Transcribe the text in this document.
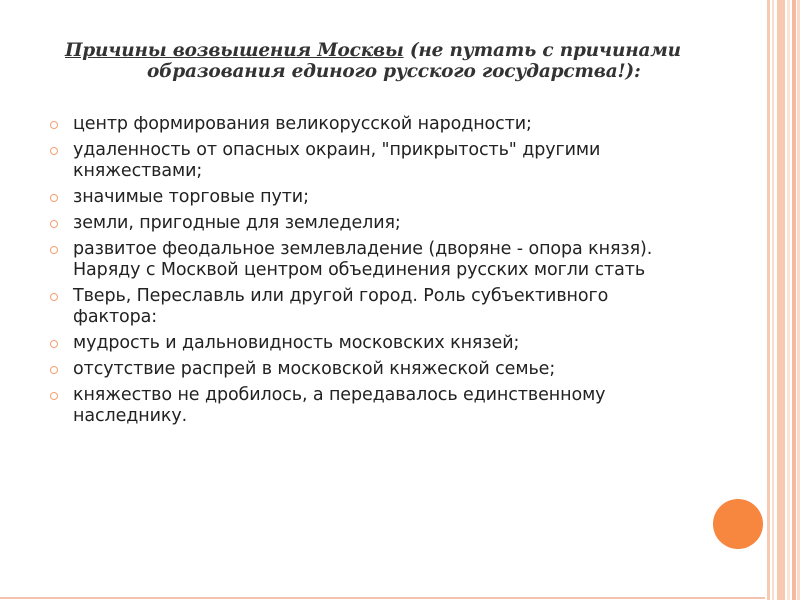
Причины возвышения Москвы (не путать с причинами
образования единого русского государства!):
центр формирования великорусской народности;
удаленность от опасных окраин, "прикрытость" другими
княжествами;
значимые торговые пути;
земли, пригодные для земледелия;
развитое феодальное землевладение (дворяне - опора князя).
Наряду с Москвой центром объединения русских могли стать
Тверь, Переславль или другой город. Роль субъективного
фактора:
мудрость и дальновидность московских князей;
отсутствие распрей в московской княжеской семье;
княжество не дробилось, а передавалось единственному
наследнику.
